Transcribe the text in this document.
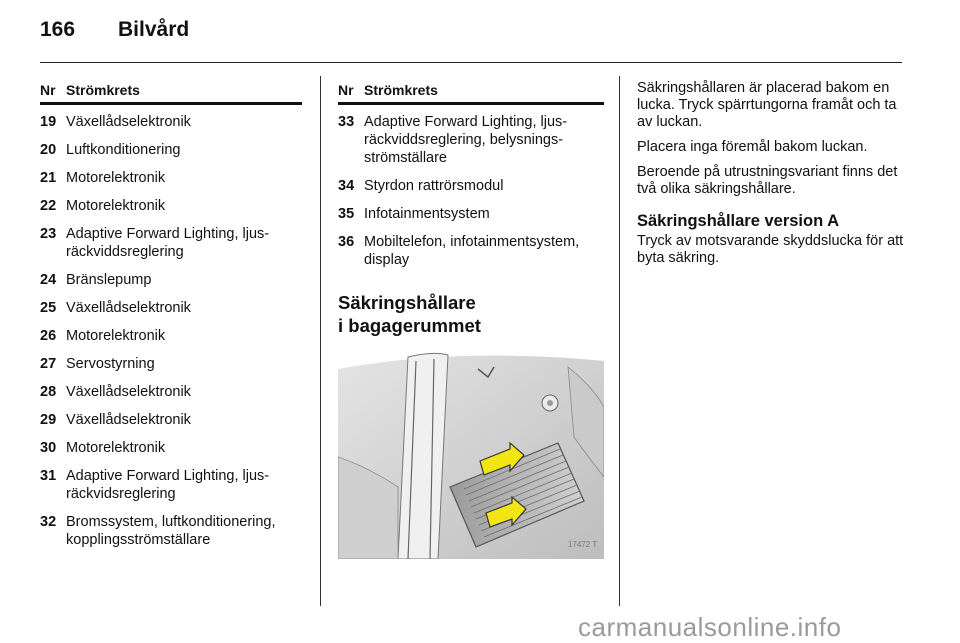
166 Bilvård
Nr Strömkrets
19 Växellådselektronik
20 Luftkonditionering
21 Motorelektronik
22 Motorelektronik
23 Adaptive Forward Lighting, ljus-räckviddsreglering
24 Bränslepump
25 Växellådselektronik
26 Motorelektronik
27 Servostyrning
28 Växellådselektronik
29 Växellådselektronik
30 Motorelektronik
31 Adaptive Forward Lighting, ljus-räckvidsreglering
32 Bromssystem, luftkonditionering, kopplingsströmställare
Nr Strömkrets
33 Adaptive Forward Lighting, ljus-räckviddsreglering, belysnings-strömställare
34 Styrdon rattrörsmodul
35 Infotainmentsystem
36 Mobiltelefon, infotainmentsystem, display
Säkringshållare
i bagagerummet
17472 T

Säkringshållaren är placerad bakom en lucka. Tryck spärrtungorna framåt och ta av luckan.

Placera inga föremål bakom luckan.

Beroende på utrustningsvariant finns det två olika säkringshållare.

Säkringshållare version A

Tryck av motsvarande skyddslucka för att byta säkring.

carmanualsonline.info
